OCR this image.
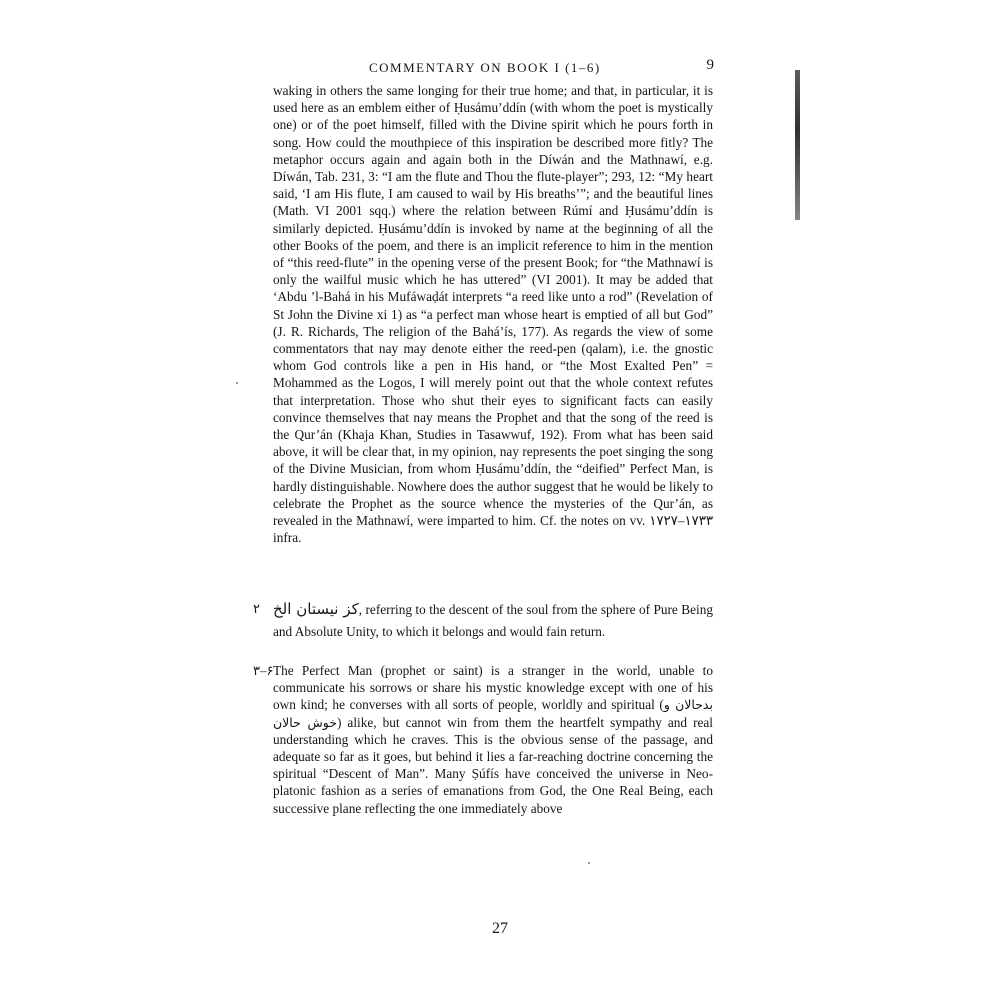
COMMENTARY ON BOOK I (1–6)	9

waking in others the same longing for their true home; and that, in particular, it is used here as an emblem either of Ḥusámu’ddín (with whom the poet is mystically one) or of the poet himself, filled with the Divine spirit which he pours forth in song. How could the mouthpiece of this inspiration be described more fitly? The metaphor occurs again and again both in the Díwán and the Mathnawí, e.g. Díwán, Tab. 231, 3: “I am the flute and Thou the flute-player”; 293, 12: “My heart said, ‘I am His flute, I am caused to wail by His breaths’”; and the beautiful lines (Math. VI 2001 sqq.) where the relation between Rúmí and Ḥusámu’ddín is similarly depicted. Ḥusámu’ddín is invoked by name at the beginning of all the other Books of the poem, and there is an implicit reference to him in the mention of “this reed-flute” in the opening verse of the present Book; for “the Mathnawí is only the wailful music which he has uttered” (VI 2001). It may be added that ‘Abdu ’l-Bahá in his Mufáwaḍát interprets “a reed like unto a rod” (Revelation of St John the Divine xi 1) as “a perfect man whose heart is emptied of all but God” (J. R. Richards, The religion of the Bahá’ís, 177). As regards the view of some commentators that nay may denote either the reed-pen (qalam), i.e. the gnostic whom God controls like a pen in His hand, or “the Most Exalted Pen” = Mohammed as the Logos, I will merely point out that the whole context refutes that interpretation. Those who shut their eyes to significant facts can easily convince themselves that nay means the Prophet and that the song of the reed is the Qur’án (Khaja Khan, Studies in Tasawwuf, 192). From what has been said above, it will be clear that, in my opinion, nay represents the poet singing the song of the Divine Musician, from whom Ḥusámu’ddín, the “deified” Perfect Man, is hardly distinguishable. Nowhere does the author suggest that he would be likely to celebrate the Prophet as the source whence the mysteries of the Qur’án, as revealed in the Mathnawí, were imparted to him. Cf. the notes on vv. ۱۷۲۷–۱۷۳۳ infra.

۲ کز نیستان الخ, referring to the descent of the soul from the sphere of Pure Being and Absolute Unity, to which it belongs and would fain return.

۳–۶ The Perfect Man (prophet or saint) is a stranger in the world, unable to communicate his sorrows or share his mystic knowledge except with one of his own kind; he converses with all sorts of people, worldly and spiritual (بدحالان و خوش حالان) alike, but cannot win from them the heartfelt sympathy and real understanding which he craves. This is the obvious sense of the passage, and adequate so far as it goes, but behind it lies a far-reaching doctrine concerning the spiritual “Descent of Man”. Many Ṣúfís have conceived the universe in Neo-platonic fashion as a series of emanations from God, the One Real Being, each successive plane reflecting the one immediately above

27
